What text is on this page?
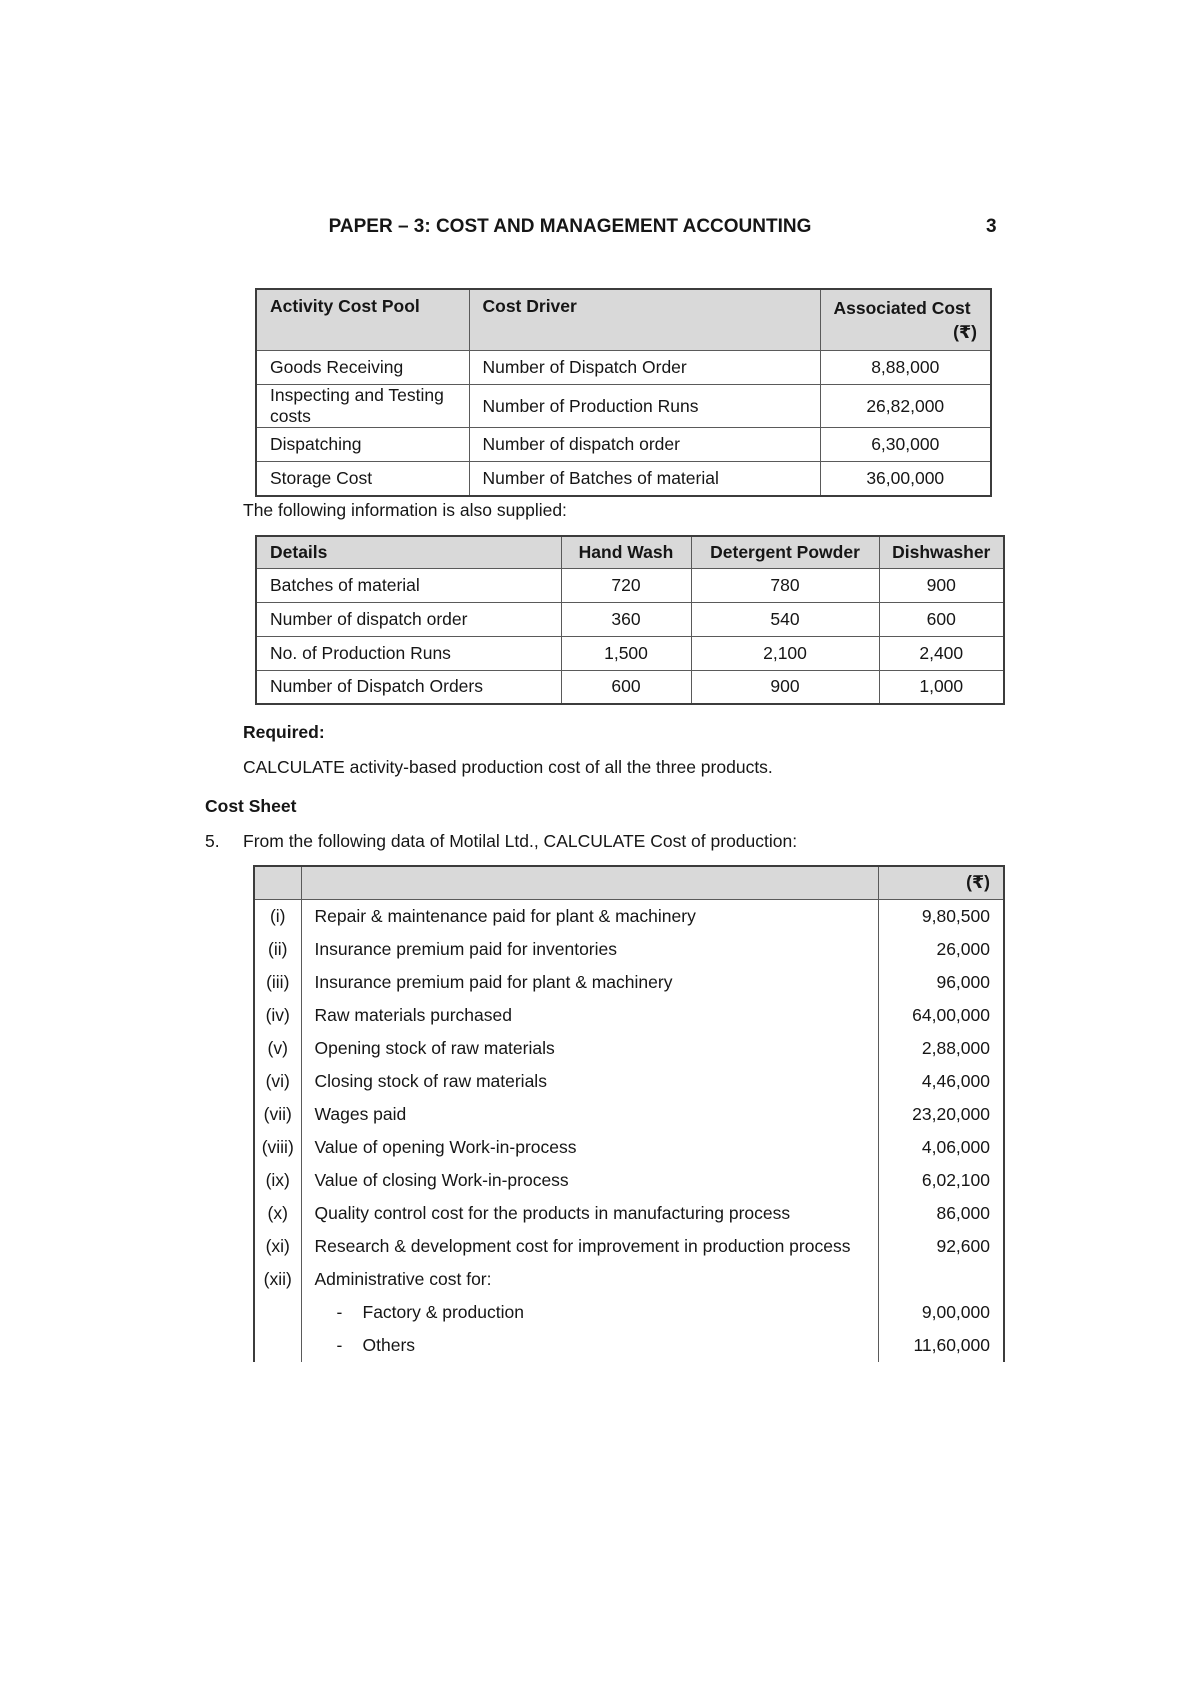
PAPER – 3: COST AND MANAGEMENT ACCOUNTING	3
Activity Cost Pool	Cost Driver	Associated Cost
(₹)

Goods Receiving	Number of Dispatch Order	8,88,000
Inspecting and Testing costs	Number of Production Runs	26,82,000
Dispatching	Number of dispatch order	6,30,000
Storage Cost	Number of Batches of material	36,00,000
The following information is also supplied:
Details	Hand Wash	Detergent Powder	Dishwasher
Batches of material	720	780	900
Number of dispatch order	360	540	600
No. of Production Runs	1,500	2,100	2,400
Number of Dispatch Orders	600	900	1,000
Required:
CALCULATE activity-based production cost of all the three products.
Cost Sheet
5. From the following data of Motilal Ltd., CALCULATE Cost of production:
		(₹)
(i)	Repair & maintenance paid for plant & machinery	9,80,500
(ii)	Insurance premium paid for inventories	26,000
(iii)	Insurance premium paid for plant & machinery	96,000
(iv)	Raw materials purchased	64,00,000
(v)	Opening stock of raw materials	2,88,000
(vi)	Closing stock of raw materials	4,46,000
(vii)	Wages paid	23,20,000
(viii)	Value of opening Work-in-process	4,06,000
(ix)	Value of closing Work-in-process	6,02,100
(x)	Quality control cost for the products in manufacturing process	86,000
(xi)	Research & development cost for improvement in production process	92,600
(xii)	Administrative cost for:	
	- Factory & production	9,00,000
	- Others	11,60,000
